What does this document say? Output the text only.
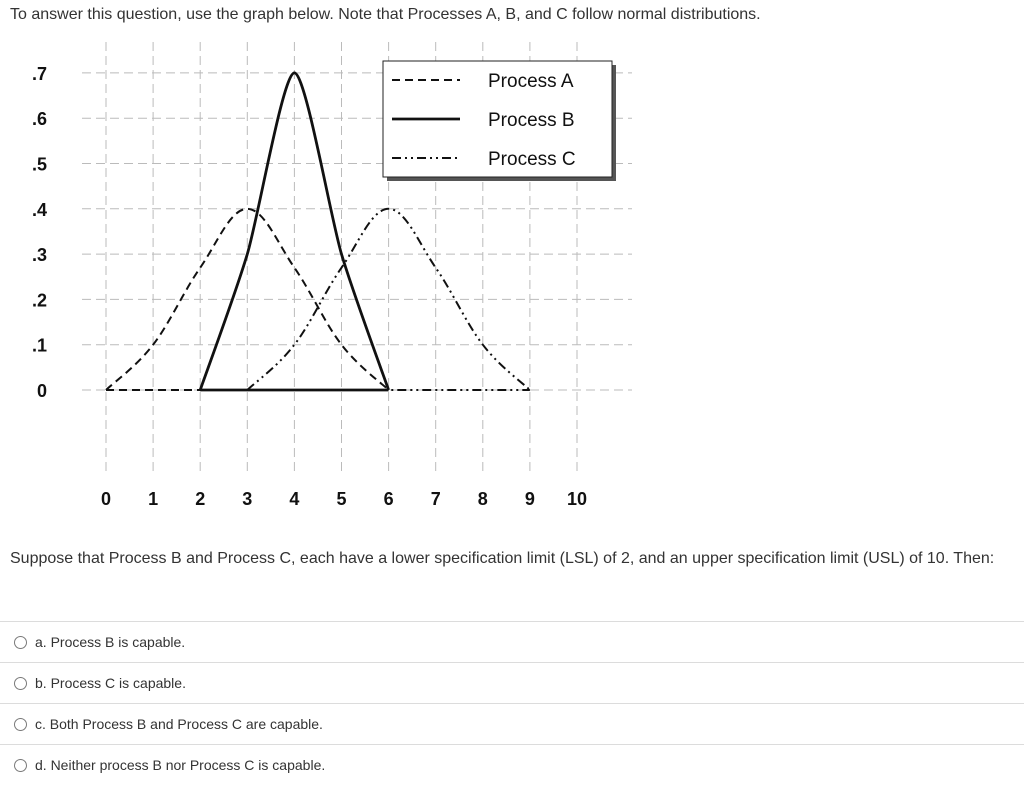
To answer this question, use the graph below. Note that Processes A, B, and C follow normal distributions.
0
.1
.2
.3
.4
.5
.6
.7
0 1 2 3 4 5 6 7 8 9 10
Process A
Process B
Process C
Suppose that Process B and Process C, each have a lower specification limit (LSL) of 2, and an upper specification limit (USL) of 10. Then:
a. Process B is capable.
b. Process C is capable.
c. Both Process B and Process C are capable.
d. Neither process B nor Process C is capable.
